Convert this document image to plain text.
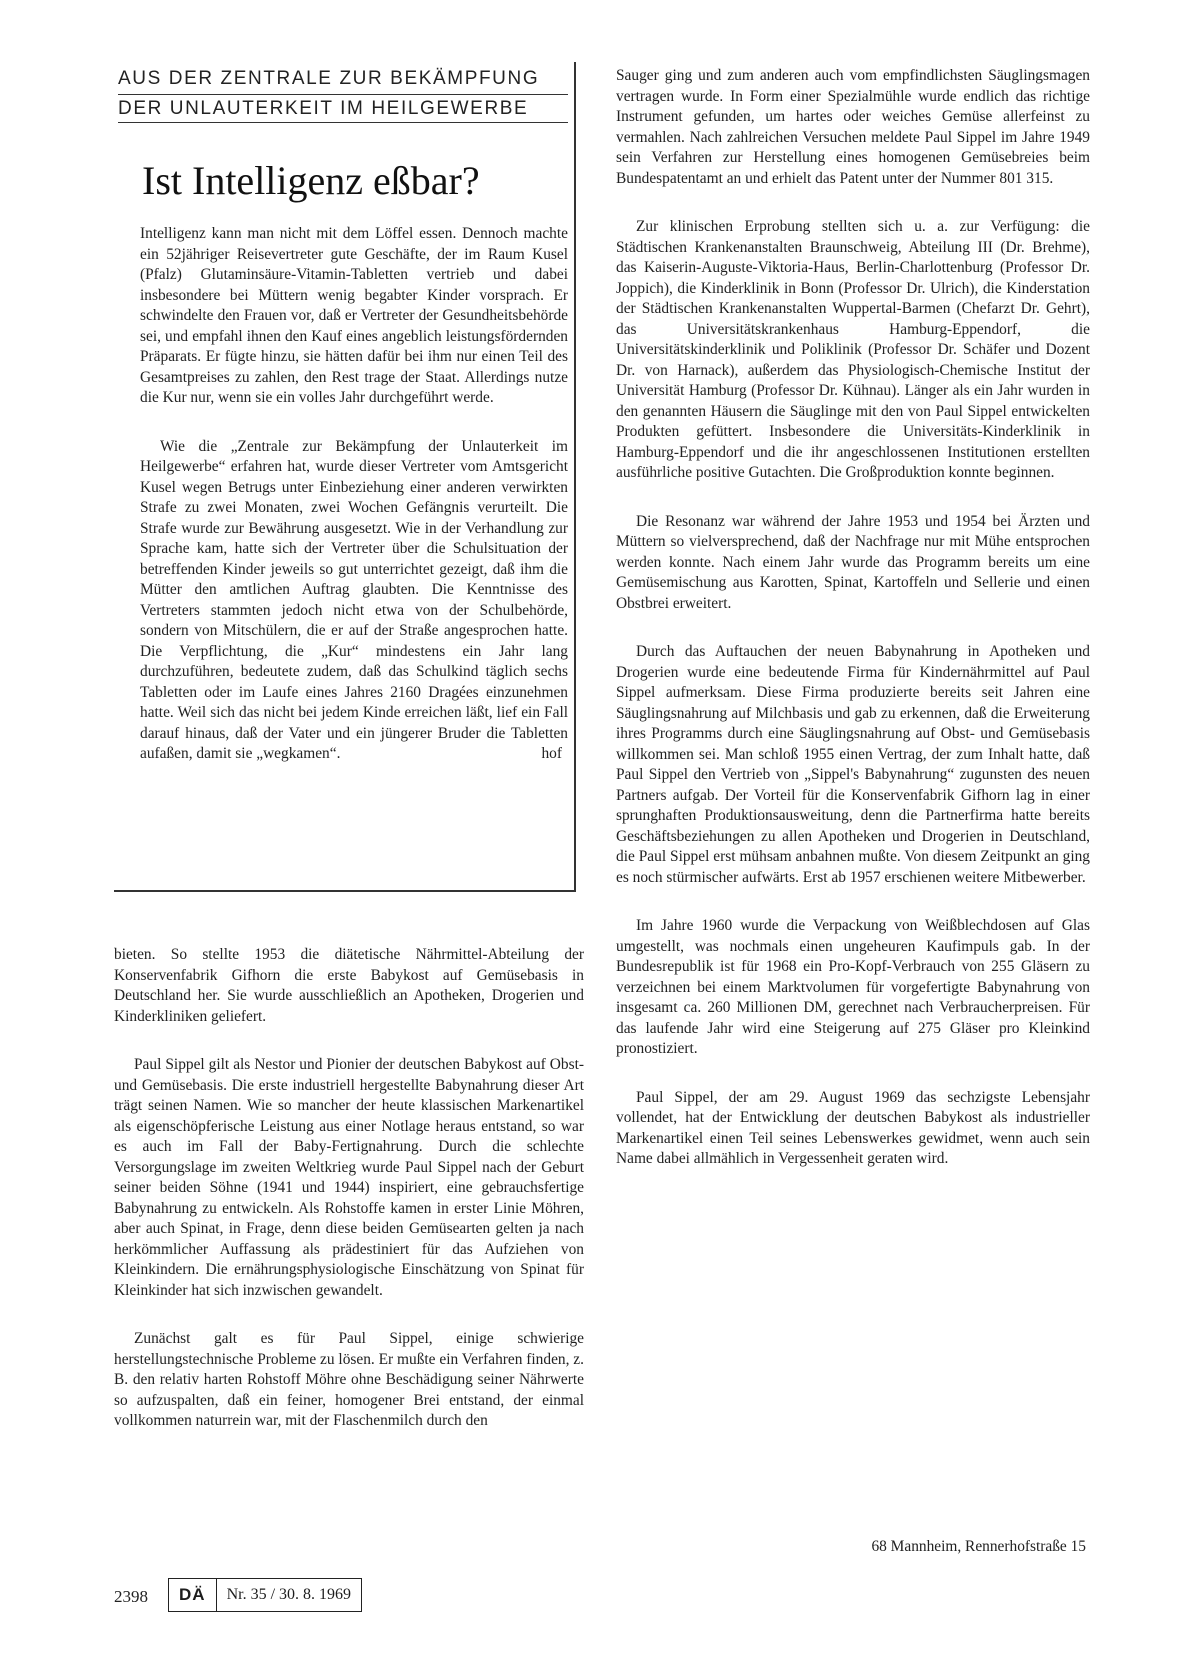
AUS DER ZENTRALE ZUR BEKÄMPFUNG
DER UNLAUTERKEIT IM HEILGEWERBE
Ist Intelligenz eßbar?

Intelligenz kann man nicht mit dem Löffel essen. Dennoch machte ein 52jähriger Reisevertreter gute Geschäfte, der im Raum Kusel (Pfalz) Glutaminsäure-Vitamin-Tabletten vertrieb und dabei insbesondere bei Müttern wenig begabter Kinder vorsprach. Er schwindelte den Frauen vor, daß er Vertreter der Gesundheitsbehörde sei, und empfahl ihnen den Kauf eines angeblich leistungsfördernden Präparats. Er fügte hinzu, sie hätten dafür bei ihm nur einen Teil des Gesamtpreises zu zahlen, den Rest trage der Staat. Allerdings nutze die Kur nur, wenn sie ein volles Jahr durchgeführt werde.

Wie die „Zentrale zur Bekämpfung der Unlauterkeit im Heilgewerbe“ erfahren hat, wurde dieser Vertreter vom Amtsgericht Kusel wegen Betrugs unter Einbeziehung einer anderen verwirkten Strafe zu zwei Monaten, zwei Wochen Gefängnis verurteilt. Die Strafe wurde zur Bewährung ausgesetzt. Wie in der Verhandlung zur Sprache kam, hatte sich der Vertreter über die Schulsituation der betreffenden Kinder jeweils so gut unterrichtet gezeigt, daß ihm die Mütter den amtlichen Auftrag glaubten. Die Kenntnisse des Vertreters stammten jedoch nicht etwa von der Schulbehörde, sondern von Mitschülern, die er auf der Straße angesprochen hatte. Die Verpflichtung, die „Kur“ mindestens ein Jahr lang durchzuführen, bedeutete zudem, daß das Schulkind täglich sechs Tabletten oder im Laufe eines Jahres 2160 Dragées einzunehmen hatte. Weil sich das nicht bei jedem Kinde erreichen läßt, lief ein Fall darauf hinaus, daß der Vater und ein jüngerer Bruder die Tabletten aufaßen, damit sie „wegkamen“.	hof

bieten. So stellte 1953 die diätetische Nährmittel-Abteilung der Konservenfabrik Gifhorn die erste Babykost auf Gemüsebasis in Deutschland her. Sie wurde ausschließlich an Apotheken, Drogerien und Kinderkliniken geliefert.

Paul Sippel gilt als Nestor und Pionier der deutschen Babykost auf Obst- und Gemüsebasis. Die erste industriell hergestellte Babynahrung dieser Art trägt seinen Namen. Wie so mancher der heute klassischen Markenartikel als eigenschöpferische Leistung aus einer Notlage heraus entstand, so war es auch im Fall der Baby-Fertignahrung. Durch die schlechte Versorgungslage im zweiten Weltkrieg wurde Paul Sippel nach der Geburt seiner beiden Söhne (1941 und 1944) inspiriert, eine gebrauchsfertige Babynahrung zu entwickeln. Als Rohstoffe kamen in erster Linie Möhren, aber auch Spinat, in Frage, denn diese beiden Gemüsearten gelten ja nach herkömmlicher Auffassung als prädestiniert für das Aufziehen von Kleinkindern. Die ernährungsphysiologische Einschätzung von Spinat für Kleinkinder hat sich inzwischen gewandelt.

Zunächst galt es für Paul Sippel, einige schwierige herstellungstechnische Probleme zu lösen. Er mußte ein Verfahren finden, z. B. den relativ harten Rohstoff Möhre ohne Beschädigung seiner Nährwerte so aufzuspalten, daß ein feiner, homogener Brei entstand, der einmal vollkommen naturrein war, mit der Flaschenmilch durch den

Sauger ging und zum anderen auch vom empfindlichsten Säuglingsmagen vertragen wurde. In Form einer Spezialmühle wurde endlich das richtige Instrument gefunden, um hartes oder weiches Gemüse allerfeinst zu vermahlen. Nach zahlreichen Versuchen meldete Paul Sippel im Jahre 1949 sein Verfahren zur Herstellung eines homogenen Gemüsebreies beim Bundespatentamt an und erhielt das Patent unter der Nummer 801 315.

Zur klinischen Erprobung stellten sich u. a. zur Verfügung: die Städtischen Krankenanstalten Braunschweig, Abteilung III (Dr. Brehme), das Kaiserin-Auguste-Viktoria-Haus, Berlin-Charlottenburg (Professor Dr. Joppich), die Kinderklinik in Bonn (Professor Dr. Ulrich), die Kinderstation der Städtischen Krankenanstalten Wuppertal-Barmen (Chefarzt Dr. Gehrt), das Universitätskrankenhaus Hamburg-Eppendorf, die Universitätskinderklinik und Poliklinik (Professor Dr. Schäfer und Dozent Dr. von Harnack), außerdem das Physiologisch-Chemische Institut der Universität Hamburg (Professor Dr. Kühnau). Länger als ein Jahr wurden in den genannten Häusern die Säuglinge mit den von Paul Sippel entwickelten Produkten gefüttert. Insbesondere die Universitäts-Kinderklinik in Hamburg-Eppendorf und die ihr angeschlossenen Institutionen erstellten ausführliche positive Gutachten. Die Großproduktion konnte beginnen.

Die Resonanz war während der Jahre 1953 und 1954 bei Ärzten und Müttern so vielversprechend, daß der Nachfrage nur mit Mühe entsprochen werden konnte. Nach einem Jahr wurde das Programm bereits um eine Gemüsemischung aus Karotten, Spinat, Kartoffeln und Sellerie und einen Obstbrei erweitert.

Durch das Auftauchen der neuen Babynahrung in Apotheken und Drogerien wurde eine bedeutende Firma für Kindernährmittel auf Paul Sippel aufmerksam. Diese Firma produzierte bereits seit Jahren eine Säuglingsnahrung auf Milchbasis und gab zu erkennen, daß die Erweiterung ihres Programms durch eine Säuglingsnahrung auf Obst- und Gemüsebasis willkommen sei. Man schloß 1955 einen Vertrag, der zum Inhalt hatte, daß Paul Sippel den Vertrieb von „Sippel's Babynahrung“ zugunsten des neuen Partners aufgab. Der Vorteil für die Konservenfabrik Gifhorn lag in einer sprunghaften Produktionsausweitung, denn die Partnerfirma hatte bereits Geschäftsbeziehungen zu allen Apotheken und Drogerien in Deutschland, die Paul Sippel erst mühsam anbahnen mußte. Von diesem Zeitpunkt an ging es noch stürmischer aufwärts. Erst ab 1957 erschienen weitere Mitbewerber.

Im Jahre 1960 wurde die Verpackung von Weißblechdosen auf Glas umgestellt, was nochmals einen ungeheuren Kaufimpuls gab. In der Bundesrepublik ist für 1968 ein Pro-Kopf-Verbrauch von 255 Gläsern zu verzeichnen bei einem Marktvolumen für vorgefertigte Babynahrung von insgesamt ca. 260 Millionen DM, gerechnet nach Verbraucherpreisen. Für das laufende Jahr wird eine Steigerung auf 275 Gläser pro Kleinkind pronostiziert.

Paul Sippel, der am 29. August 1969 das sechzigste Lebensjahr vollendet, hat der Entwicklung der deutschen Babykost als industrieller Markenartikel einen Teil seines Lebenswerkes gewidmet, wenn auch sein Name dabei allmählich in Vergessenheit geraten wird.

68 Mannheim, Rennerhofstraße 15
2398	DÄ	Nr. 35 / 30. 8. 1969
